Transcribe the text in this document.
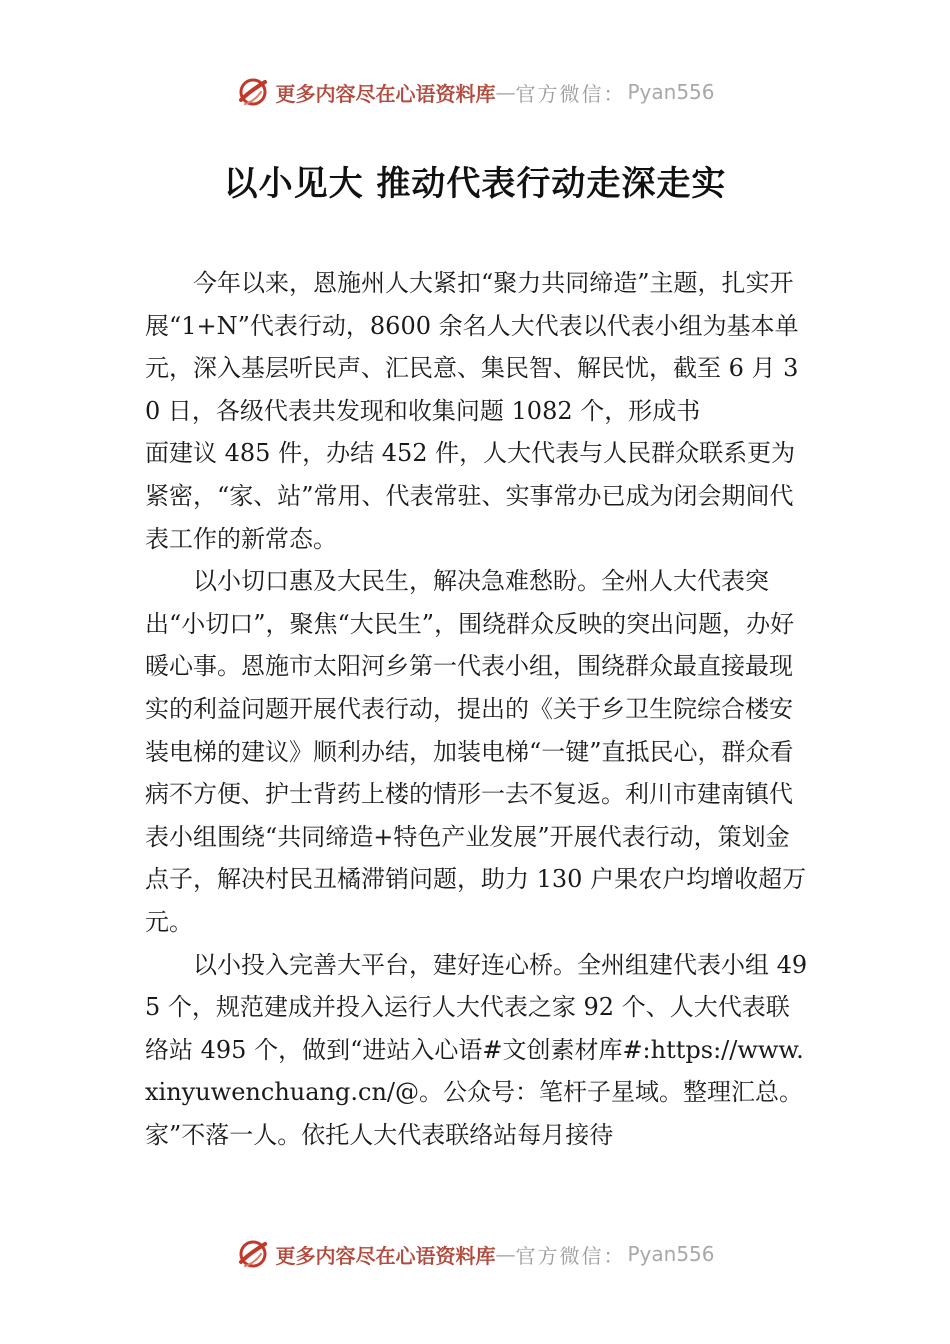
更多内容尽在心语资料库 — 官方微信： Pyan556
以小见大 推动代表行动走深走实

今年以来，恩施州人大紧扣“聚力共同缔造”主题，扎实开展“1+N”代表行动，8600 余名人大代表以代表小组为基本单元，深入基层听民声、汇民意、集民智、解民忧，截至 6 月 30 日，各级代表共发现和收集问题 1082 个，形成书

面建议 485 件，办结 452 件，人大代表与人民群众联系更为紧密，“家、站”常用、代表常驻、实事常办已成为闭会期间代表工作的新常态。

以小切口惠及大民生，解决急难愁盼。全州人大代表突出“小切口”，聚焦“大民生”，围绕群众反映的突出问题，办好暖心事。恩施市太阳河乡第一代表小组，围绕群众最直接最现实的利益问题开展代表行动，提出的《关于乡卫生院综合楼安装电梯的建议》顺利办结，加装电梯“一键”直抵民心，群众看病不方便、护士背药上楼的情形一去不复返。利川市建南镇代表小组围绕“共同缔造+特色产业发展”开展代表行动，策划金点子，解决村民丑橘滞销问题，助力 130 户果农户均增收超万元。

以小投入完善大平台，建好连心桥。全州组建代表小组 495 个，规范建成并投入运行人大代表之家 92 个、人大代表联络站 495 个，做到“进站入心语#文创素材库#:https://www.xinyuwenchuang.cn/@。公众号：笔杆子星域。整理汇总。家”不落一人。依托人大代表联络站每月接待

更多内容尽在心语资料库 — 官方微信： Pyan556
